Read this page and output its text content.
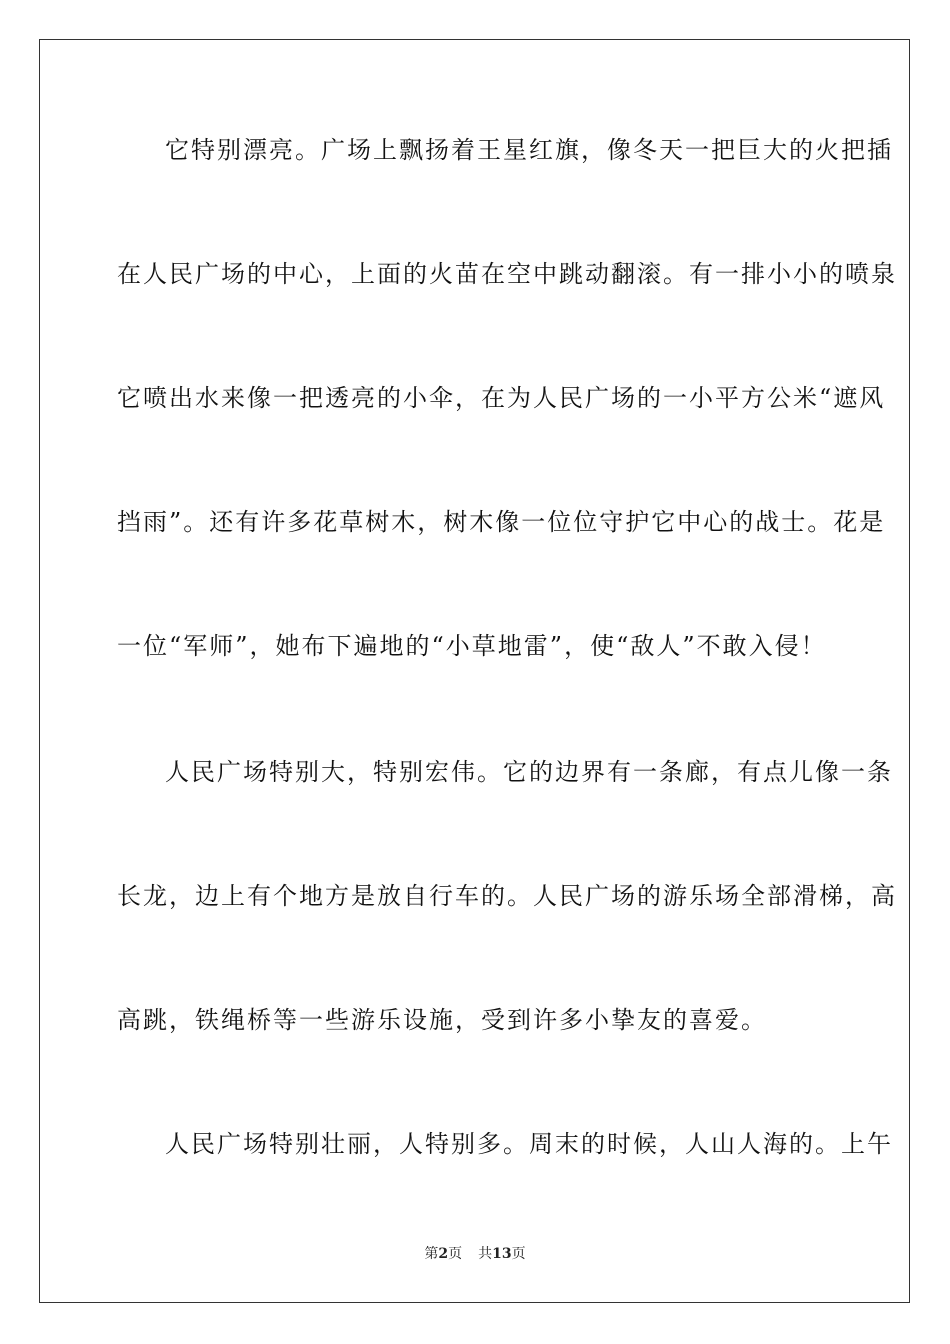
它特别漂亮。广场上飘扬着王星红旗，像冬天一把巨大的火把插
在人民广场的中心，上面的火苗在空中跳动翻滚。有一排小小的喷泉
它喷出水来像一把透亮的小伞，在为人民广场的一小平方公米“遮风
挡雨”。还有许多花草树木，树木像一位位守护它中心的战士。花是
一位“军师”，她布下遍地的“小草地雷”，使“敌人”不敢入侵！
人民广场特别大，特别宏伟。它的边界有一条廊，有点儿像一条
长龙，边上有个地方是放自行车的。人民广场的游乐场全部滑梯，高
高跳，铁绳桥等一些游乐设施，受到许多小挚友的喜爱。
人民广场特别壮丽，人特别多。周末的时候，人山人海的。上午
第2页 共13页
